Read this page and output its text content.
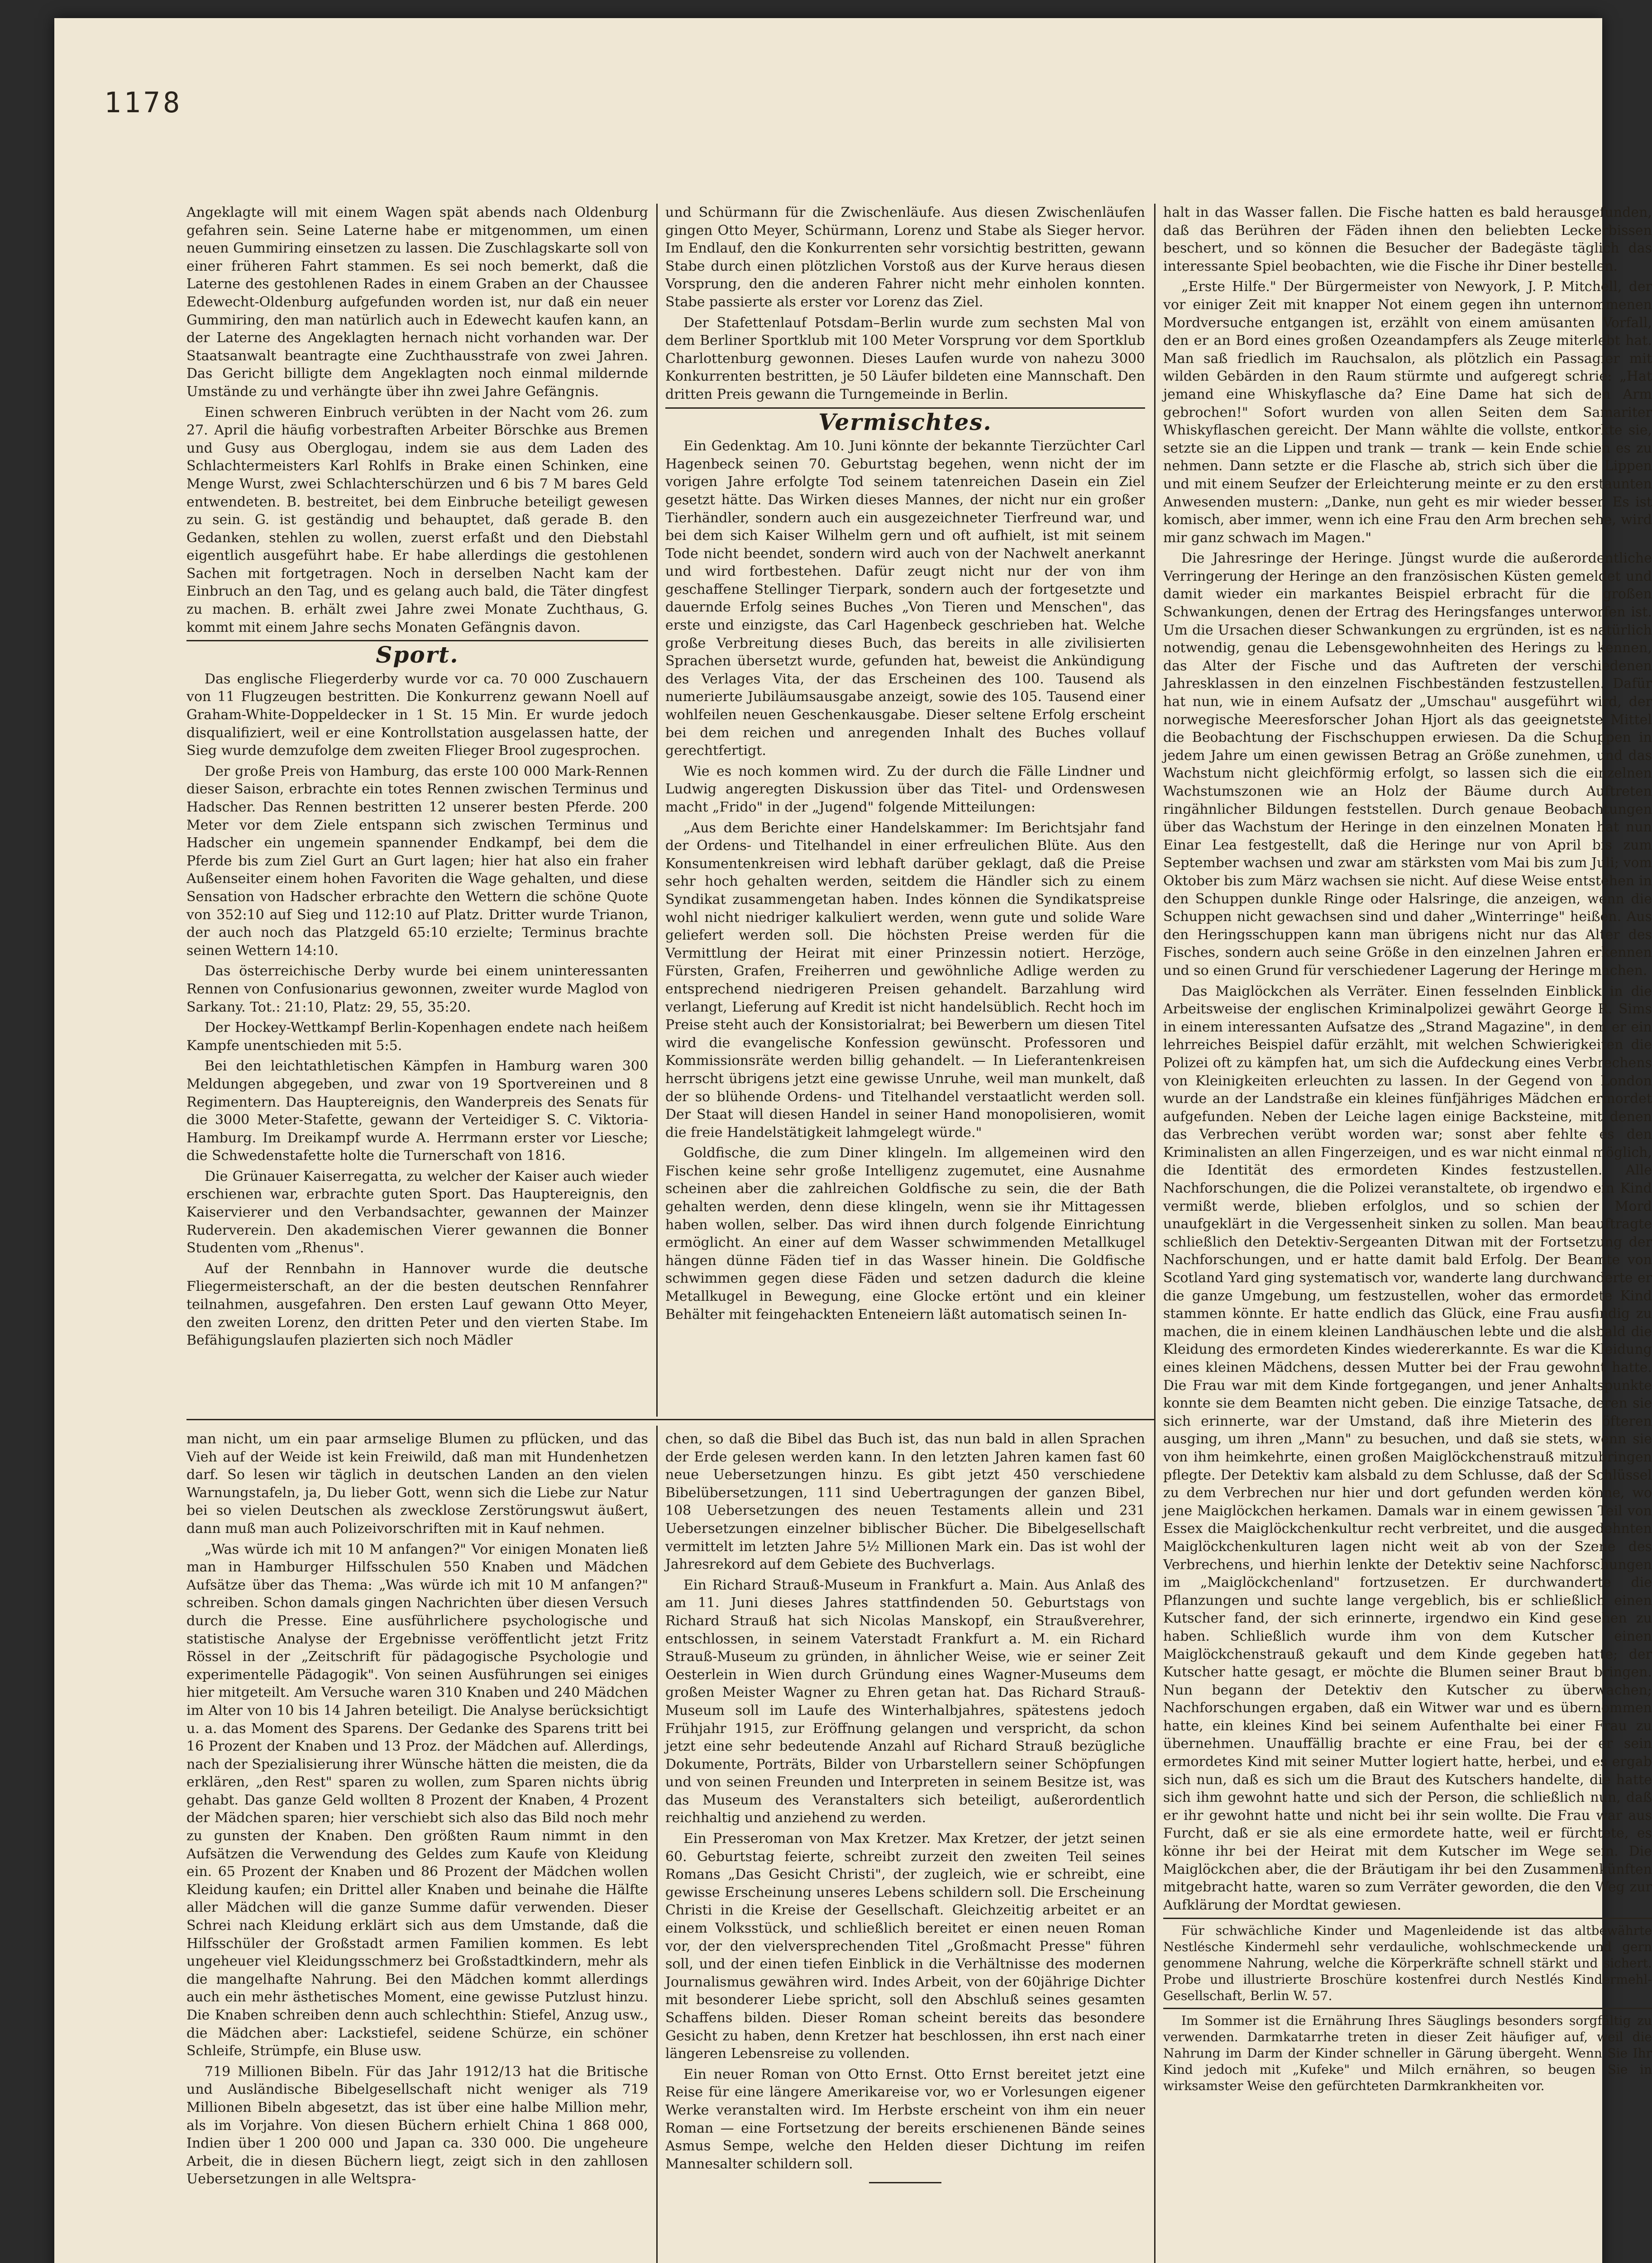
1178

Angeklagte will mit einem Wagen spät abends nach Oldenburg gefahren sein. Seine Laterne habe er mitgenommen, um einen neuen Gummiring einsetzen zu lassen. Die Zuschlagskarte soll von einer früheren Fahrt stammen. Es sei noch bemerkt, daß die Laterne des gestohlenen Rades in einem Graben an der Chaussee Edewecht-Oldenburg aufgefunden worden ist, nur daß ein neuer Gummiring, den man natürlich auch in Edewecht kaufen kann, an der Laterne des Angeklagten hernach nicht vorhanden war. Der Staatsanwalt beantragte eine Zuchthausstrafe von zwei Jahren. Das Gericht billigte dem Angeklagten noch einmal mildernde Umstände zu und verhängte über ihn zwei Jahre Gefängnis.

Einen schweren Einbruch verübten in der Nacht vom 26. zum 27. April die häufig vorbestraften Arbeiter Börschke aus Bremen und Gusy aus Oberglogau, indem sie aus dem Laden des Schlachtermeisters Karl Rohlfs in Brake einen Schinken, eine Menge Wurst, zwei Schlachterschürzen und 6 bis 7 M bares Geld entwendeten. B. bestreitet, bei dem Einbruche beteiligt gewesen zu sein. G. ist geständig und behauptet, daß gerade B. den Gedanken, stehlen zu wollen, zuerst erfaßt und den Diebstahl eigentlich ausgeführt habe. Er habe allerdings die gestohlenen Sachen mit fortgetragen. Noch in derselben Nacht kam der Einbruch an den Tag, und es gelang auch bald, die Täter dingfest zu machen. B. erhält zwei Jahre zwei Monate Zuchthaus, G. kommt mit einem Jahre sechs Monaten Gefängnis davon.

Sport.

Das englische Fliegerderby wurde vor ca. 70 000 Zuschauern von 11 Flugzeugen bestritten. Die Konkurrenz gewann Noell auf Graham-White-Doppeldecker in 1 St. 15 Min. Er wurde jedoch disqualifiziert, weil er eine Kontrollstation ausgelassen hatte, der Sieg wurde demzufolge dem zweiten Flieger Brool zugesprochen.

Der große Preis von Hamburg, das erste 100 000 Mark-Rennen dieser Saison, erbrachte ein totes Rennen zwischen Terminus und Hadscher. Das Rennen bestritten 12 unserer besten Pferde. 200 Meter vor dem Ziele entspann sich zwischen Terminus und Hadscher ein ungemein spannender Endkampf, bei dem die Pferde bis zum Ziel Gurt an Gurt lagen; hier hat also ein fraher Außenseiter einem hohen Favoriten die Wage gehalten, und diese Sensation von Hadscher erbrachte den Wettern die schöne Quote von 352:10 auf Sieg und 112:10 auf Platz. Dritter wurde Trianon, der auch noch das Platzgeld 65:10 erzielte; Terminus brachte seinen Wettern 14:10.

Das österreichische Derby wurde bei einem uninteressanten Rennen von Confusionarius gewonnen, zweiter wurde Maglod von Sarkany. Tot.: 21:10, Platz: 29, 55, 35:20.

Der Hockey-Wettkampf Berlin-Kopenhagen endete nach heißem Kampfe unentschieden mit 5:5.

Bei den leichtathletischen Kämpfen in Hamburg waren 300 Meldungen abgegeben, und zwar von 19 Sportvereinen und 8 Regimentern. Das Hauptereignis, den Wanderpreis des Senats für die 3000 Meter-Stafette, gewann der Verteidiger S. C. Viktoria-Hamburg. Im Dreikampf wurde A. Herrmann erster vor Liesche; die Schwedenstafette holte die Turnerschaft von 1816.

Die Grünauer Kaiserregatta, zu welcher der Kaiser auch wieder erschienen war, erbrachte guten Sport. Das Hauptereignis, den Kaiservierer und den Verbandsachter, gewannen der Mainzer Ruderverein. Den akademischen Vierer gewannen die Bonner Studenten vom „Rhenus".

Auf der Rennbahn in Hannover wurde die deutsche Fliegermeisterschaft, an der die besten deutschen Rennfahrer teilnahmen, ausgefahren. Den ersten Lauf gewann Otto Meyer, den zweiten Lorenz, den dritten Peter und den vierten Stabe. Im Befähigungslaufen plazierten sich noch Mädler

und Schürmann für die Zwischenläufe. Aus diesen Zwischenläufen gingen Otto Meyer, Schürmann, Lorenz und Stabe als Sieger hervor. Im Endlauf, den die Konkurrenten sehr vorsichtig bestritten, gewann Stabe durch einen plötzlichen Vorstoß aus der Kurve heraus diesen Vorsprung, den die anderen Fahrer nicht mehr einholen konnten. Stabe passierte als erster vor Lorenz das Ziel.

Der Stafettenlauf Potsdam–Berlin wurde zum sechsten Mal von dem Berliner Sportklub mit 100 Meter Vorsprung vor dem Sportklub Charlottenburg gewonnen. Dieses Laufen wurde von nahezu 3000 Konkurrenten bestritten, je 50 Läufer bildeten eine Mannschaft. Den dritten Preis gewann die Turngemeinde in Berlin.

Vermischtes.

Ein Gedenktag. Am 10. Juni könnte der bekannte Tierzüchter Carl Hagenbeck seinen 70. Geburtstag begehen, wenn nicht der im vorigen Jahre erfolgte Tod seinem tatenreichen Dasein ein Ziel gesetzt hätte. Das Wirken dieses Mannes, der nicht nur ein großer Tierhändler, sondern auch ein ausgezeichneter Tierfreund war, und bei dem sich Kaiser Wilhelm gern und oft aufhielt, ist mit seinem Tode nicht beendet, sondern wird auch von der Nachwelt anerkannt und wird fortbestehen. Dafür zeugt nicht nur der von ihm geschaffene Stellinger Tierpark, sondern auch der fortgesetzte und dauernde Erfolg seines Buches „Von Tieren und Menschen", das erste und einzigste, das Carl Hagenbeck geschrieben hat. Welche große Verbreitung dieses Buch, das bereits in alle zivilisierten Sprachen übersetzt wurde, gefunden hat, beweist die Ankündigung des Verlages Vita, der das Erscheinen des 100. Tausend als numerierte Jubiläumsausgabe anzeigt, sowie des 105. Tausend einer wohlfeilen neuen Geschenkausgabe. Dieser seltene Erfolg erscheint bei dem reichen und anregenden Inhalt des Buches vollauf gerechtfertigt.

Wie es noch kommen wird. Zu der durch die Fälle Lindner und Ludwig angeregten Diskussion über das Titel- und Ordenswesen macht „Frido" in der „Jugend" folgende Mitteilungen:

„Aus dem Berichte einer Handelskammer: Im Berichtsjahr fand der Ordens- und Titelhandel in einer erfreulichen Blüte. Aus den Konsumentenkreisen wird lebhaft darüber geklagt, daß die Preise sehr hoch gehalten werden, seitdem die Händler sich zu einem Syndikat zusammengetan haben. Indes können die Syndikatspreise wohl nicht niedriger kalkuliert werden, wenn gute und solide Ware geliefert werden soll. Die höchsten Preise werden für die Vermittlung der Heirat mit einer Prinzessin notiert. Herzöge, Fürsten, Grafen, Freiherren und gewöhnliche Adlige werden zu entsprechend niedrigeren Preisen gehandelt. Barzahlung wird verlangt, Lieferung auf Kredit ist nicht handelsüblich. Recht hoch im Preise steht auch der Konsistorialrat; bei Bewerbern um diesen Titel wird die evangelische Konfession gewünscht. Professoren und Kommissionsräte werden billig gehandelt. — In Lieferantenkreisen herrscht übrigens jetzt eine gewisse Unruhe, weil man munkelt, daß der so blühende Ordens- und Titelhandel verstaatlicht werden soll. Der Staat will diesen Handel in seiner Hand monopolisieren, womit die freie Handelstätigkeit lahmgelegt würde."

Goldfische, die zum Diner klingeln. Im allgemeinen wird den Fischen keine sehr große Intelligenz zugemutet, eine Ausnahme scheinen aber die zahlreichen Goldfische zu sein, die der Bath gehalten werden, denn diese klingeln, wenn sie ihr Mittagessen haben wollen, selber. Das wird ihnen durch folgende Einrichtung ermöglicht. An einer auf dem Wasser schwimmenden Metallkugel hängen dünne Fäden tief in das Wasser hinein. Die Goldfische schwimmen gegen diese Fäden und setzen dadurch die kleine Metallkugel in Bewegung, eine Glocke ertönt und ein kleiner Behälter mit feingehackten Enteneiern läßt automatisch seinen In-

halt in das Wasser fallen. Die Fische hatten es bald herausgefunden, daß das Berühren der Fäden ihnen den beliebten Leckerbissen beschert, und so können die Besucher der Badegäste täglich das interessante Spiel beobachten, wie die Fische ihr Diner bestellen.

„Erste Hilfe." Der Bürgermeister von Newyork, J. P. Mitchell, der vor einiger Zeit mit knapper Not einem gegen ihn unternommenen Mordversuche entgangen ist, erzählt von einem amüsanten Vorfall, den er an Bord eines großen Ozeandampfers als Zeuge miterlebt hat. Man saß friedlich im Rauchsalon, als plötzlich ein Passagier mit wilden Gebärden in den Raum stürmte und aufgeregt schrie: „Hat jemand eine Whiskyflasche da? Eine Dame hat sich den Arm gebrochen!" Sofort wurden von allen Seiten dem Samariter Whiskyflaschen gereicht. Der Mann wählte die vollste, entkorkte sie, setzte sie an die Lippen und trank — trank — kein Ende schien es zu nehmen. Dann setzte er die Flasche ab, strich sich über die Lippen und mit einem Seufzer der Erleichterung meinte er zu den erstaunten Anwesenden mustern: „Danke, nun geht es mir wieder besser. Es ist komisch, aber immer, wenn ich eine Frau den Arm brechen sehe, wird mir ganz schwach im Magen."

Die Jahresringe der Heringe. Jüngst wurde die außerordentliche Verringerung der Heringe an den französischen Küsten gemeldet und damit wieder ein markantes Beispiel erbracht für die großen Schwankungen, denen der Ertrag des Heringsfanges unterworfen ist. Um die Ursachen dieser Schwankungen zu ergründen, ist es natürlich notwendig, genau die Lebensgewohnheiten des Herings zu kennen, das Alter der Fische und das Auftreten der verschiedenen Jahresklassen in den einzelnen Fischbeständen festzustellen. Dafür hat nun, wie in einem Aufsatz der „Umschau" ausgeführt wird, der norwegische Meeresforscher Johan Hjort als das geeignetste Mittel die Beobachtung der Fischschuppen erwiesen. Da die Schuppen in jedem Jahre um einen gewissen Betrag an Größe zunehmen, und das Wachstum nicht gleichförmig erfolgt, so lassen sich die einzelnen Wachstumszonen wie an Holz der Bäume durch Auftreten ringähnlicher Bildungen feststellen. Durch genaue Beobachtungen über das Wachstum der Heringe in den einzelnen Monaten hat nun Einar Lea festgestellt, daß die Heringe nur von April bis zum September wachsen und zwar am stärksten vom Mai bis zum Juli; vom Oktober bis zum März wachsen sie nicht. Auf diese Weise entstehen in den Schuppen dunkle Ringe oder Halsringe, die anzeigen, wenn die Schuppen nicht gewachsen sind und daher „Winterringe" heißen. Aus den Heringsschuppen kann man übrigens nicht nur das Alter des Fisches, sondern auch seine Größe in den einzelnen Jahren erkennen und so einen Grund für verschiedener Lagerung der Heringe machen.

Das Maiglöckchen als Verräter. Einen fesselnden Einblick in die Arbeitsweise der englischen Kriminalpolizei gewährt George R. Sims in einem interessanten Aufsatze des „Strand Magazine", in dem er ein lehrreiches Beispiel dafür erzählt, mit welchen Schwierigkeiten die Polizei oft zu kämpfen hat, um sich die Aufdeckung eines Verbrechens von Kleinigkeiten erleuchten zu lassen. In der Gegend von London wurde an der Landstraße ein kleines fünfjähriges Mädchen ermordet aufgefunden. Neben der Leiche lagen einige Backsteine, mit denen das Verbrechen verübt worden war; sonst aber fehlte es den Kriminalisten an allen Fingerzeigen, und es war nicht einmal möglich, die Identität des ermordeten Kindes festzustellen. Alle Nachforschungen, die die Polizei veranstaltete, ob irgendwo ein Kind vermißt werde, blieben erfolglos, und so schien der Mord unaufgeklärt in die Vergessenheit sinken zu sollen. Man beauftragte schließlich den Detektiv-Sergeanten Ditwan mit der Fortsetzung der Nachforschungen, und er hatte damit bald Erfolg. Der Beamte von Scotland Yard ging systematisch vor, wanderte lang durchwanderte er die ganze Umgebung, um festzustellen, woher das ermordete Kind stammen könnte. Er hatte endlich das Glück, eine Frau ausfindig zu machen, die in einem kleinen Landhäuschen lebte und die alsbald die Kleidung des ermordeten Kindes wiedererkannte. Es war die Kleidung eines kleinen Mädchens, dessen Mutter bei der Frau gewohnt hatte. Die Frau war mit dem Kinde fortgegangen, und jener Anhaltspunkte konnte sie dem Beamten nicht geben. Die einzige Tatsache, deren sie sich erinnerte, war der Umstand, daß ihre Mieterin des öfteren ausging, um ihren „Mann" zu besuchen, und daß sie stets, wenn sie von ihm heimkehrte, einen großen Maiglöckchenstrauß mitzubringen pflegte. Der Detektiv kam alsbald zu dem Schlusse, daß der Schlüssel zu dem Verbrechen nur hier und dort gefunden werden könne, wo jene Maiglöckchen herkamen. Damals war in einem gewissen Teil von Essex die Maiglöckchenkultur recht verbreitet, und die ausgedehnten Maiglöckchenkulturen lagen nicht weit ab von der Szene des Verbrechens, und hierhin lenkte der Detektiv seine Nachforschungen im „Maiglöckchenland" fortzusetzen. Er durchwanderte die Pflanzungen und suchte lange vergeblich, bis er schließlich einen Kutscher fand, der sich erinnerte, irgendwo ein Kind gesehen zu haben. Schließlich wurde ihm von dem Kutscher einen Maiglöckchenstrauß gekauft und dem Kinde gegeben hatte; der Kutscher hatte gesagt, er möchte die Blumen seiner Braut bringen. Nun begann der Detektiv den Kutscher zu überwachen; Nachforschungen ergaben, daß ein Witwer war und es übernommen hatte, ein kleines Kind bei seinem Aufenthalte bei einer Frau zu übernehmen. Unauffällig brachte er eine Frau, bei der er sein ermordetes Kind mit seiner Mutter logiert hatte, herbei, und es ergab sich nun, daß es sich um die Braut des Kutschers handelte, die hatte sich ihm gewohnt hatte und sich der Person, die schließlich nun, daß er ihr gewohnt hatte und nicht bei ihr sein wollte. Die Frau war aus Furcht, daß er sie als eine ermordete hatte, weil er fürchtete, es könne ihr bei der Heirat mit dem Kutscher im Wege sein. Die Maiglöckchen aber, die der Bräutigam ihr bei den Zusammenkünften mitgebracht hatte, waren so zum Verräter geworden, die den Weg zur Aufklärung der Mordtat gewiesen.

Für schwächliche Kinder und Magenleidende ist das altbewährte Nestlésche Kindermehl sehr verdauliche, wohlschmeckende und gern genommene Nahrung, welche die Körperkräfte schnell stärkt und sichert. Probe und illustrierte Broschüre kostenfrei durch Nestlés Kindermehl-Gesellschaft, Berlin W. 57.

Im Sommer ist die Ernährung Ihres Säuglings besonders sorgfältig zu verwenden. Darmkatarrhe treten in dieser Zeit häufiger auf, weil die Nahrung im Darm der Kinder schneller in Gärung übergeht. Wenn Sie Ihr Kind jedoch mit „Kufeke" und Milch ernähren, so beugen Sie in wirksamster Weise den gefürchteten Darmkrankheiten vor.

man nicht, um ein paar armselige Blumen zu pflücken, und das Vieh auf der Weide ist kein Freiwild, daß man mit Hundenhetzen darf. So lesen wir täglich in deutschen Landen an den vielen Warnungstafeln, ja, Du lieber Gott, wenn sich die Liebe zur Natur bei so vielen Deutschen als zwecklose Zerstörungswut äußert, dann muß man auch Polizeivorschriften mit in Kauf nehmen.

„Was würde ich mit 10 M anfangen?" Vor einigen Monaten ließ man in Hamburger Hilfsschulen 550 Knaben und Mädchen Aufsätze über das Thema: „Was würde ich mit 10 M anfangen?" schreiben. Schon damals gingen Nachrichten über diesen Versuch durch die Presse. Eine ausführlichere psychologische und statistische Analyse der Ergebnisse veröffentlicht jetzt Fritz Rössel in der „Zeitschrift für pädagogische Psychologie und experimentelle Pädagogik". Von seinen Ausführungen sei einiges hier mitgeteilt. Am Versuche waren 310 Knaben und 240 Mädchen im Alter von 10 bis 14 Jahren beteiligt. Die Analyse berücksichtigt u. a. das Moment des Sparens. Der Gedanke des Sparens tritt bei 16 Prozent der Knaben und 13 Proz. der Mädchen auf. Allerdings, nach der Spezialisierung ihrer Wünsche hätten die meisten, die da erklären, „den Rest" sparen zu wollen, zum Sparen nichts übrig gehabt. Das ganze Geld wollten 8 Prozent der Knaben, 4 Prozent der Mädchen sparen; hier verschiebt sich also das Bild noch mehr zu gunsten der Knaben. Den größten Raum nimmt in den Aufsätzen die Verwendung des Geldes zum Kaufe von Kleidung ein. 65 Prozent der Knaben und 86 Prozent der Mädchen wollen Kleidung kaufen; ein Drittel aller Knaben und beinahe die Hälfte aller Mädchen will die ganze Summe dafür verwenden. Dieser Schrei nach Kleidung erklärt sich aus dem Umstande, daß die Hilfsschüler der Großstadt armen Familien kommen. Es lebt ungeheuer viel Kleidungsschmerz bei Großstadtkindern, mehr als die mangelhafte Nahrung. Bei den Mädchen kommt allerdings auch ein mehr ästhetisches Moment, eine gewisse Putzlust hinzu. Die Knaben schreiben denn auch schlechthin: Stiefel, Anzug usw., die Mädchen aber: Lackstiefel, seidene Schürze, ein schöner Schleife, Strümpfe, ein Bluse usw.

719 Millionen Bibeln. Für das Jahr 1912/13 hat die Britische und Ausländische Bibelgesellschaft nicht weniger als 719 Millionen Bibeln abgesetzt, das ist über eine halbe Million mehr, als im Vorjahre. Von diesen Büchern erhielt China 1 868 000, Indien über 1 200 000 und Japan ca. 330 000. Die ungeheure Arbeit, die in diesen Büchern liegt, zeigt sich in den zahllosen Uebersetzungen in alle Weltspra-

chen, so daß die Bibel das Buch ist, das nun bald in allen Sprachen der Erde gelesen werden kann. In den letzten Jahren kamen fast 60 neue Uebersetzungen hinzu. Es gibt jetzt 450 verschiedene Bibelübersetzungen, 111 sind Uebertragungen der ganzen Bibel, 108 Uebersetzungen des neuen Testaments allein und 231 Uebersetzungen einzelner biblischer Bücher. Die Bibelgesellschaft vermittelt im letzten Jahre 5½ Millionen Mark ein. Das ist wohl der Jahresrekord auf dem Gebiete des Buchverlags.

Ein Richard Strauß-Museum in Frankfurt a. Main. Aus Anlaß des am 11. Juni dieses Jahres stattfindenden 50. Geburtstags von Richard Strauß hat sich Nicolas Manskopf, ein Straußverehrer, entschlossen, in seinem Vaterstadt Frankfurt a. M. ein Richard Strauß-Museum zu gründen, in ähnlicher Weise, wie er seiner Zeit Oesterlein in Wien durch Gründung eines Wagner-Museums dem großen Meister Wagner zu Ehren getan hat. Das Richard Strauß-Museum soll im Laufe des Winterhalbjahres, spätestens jedoch Frühjahr 1915, zur Eröffnung gelangen und verspricht, da schon jetzt eine sehr bedeutende Anzahl auf Richard Strauß bezügliche Dokumente, Porträts, Bilder von Urbarstellern seiner Schöpfungen und von seinen Freunden und Interpreten in seinem Besitze ist, was das Museum des Veranstalters sich beteiligt, außerordentlich reichhaltig und anziehend zu werden.

Ein Presseroman von Max Kretzer. Max Kretzer, der jetzt seinen 60. Geburtstag feierte, schreibt zurzeit den zweiten Teil seines Romans „Das Gesicht Christi", der zugleich, wie er schreibt, eine gewisse Erscheinung unseres Lebens schildern soll. Die Erscheinung Christi in die Kreise der Gesellschaft. Gleichzeitig arbeitet er an einem Volksstück, und schließlich bereitet er einen neuen Roman vor, der den vielversprechenden Titel „Großmacht Presse" führen soll, und der einen tiefen Einblick in die Verhältnisse des modernen Journalismus gewähren wird. Indes Arbeit, von der 60jährige Dichter mit besonderer Liebe spricht, soll den Abschluß seines gesamten Schaffens bilden. Dieser Roman scheint bereits das besondere Gesicht zu haben, denn Kretzer hat beschlossen, ihn erst nach einer längeren Lebensreise zu vollenden.

Ein neuer Roman von Otto Ernst. Otto Ernst bereitet jetzt eine Reise für eine längere Amerikareise vor, wo er Vorlesungen eigener Werke veranstalten wird. Im Herbste erscheint von ihm ein neuer Roman — eine Fortsetzung der bereits erschienenen Bände seines Asmus Sempe, welche den Helden dieser Dichtung im reifen Mannesalter schildern soll.
